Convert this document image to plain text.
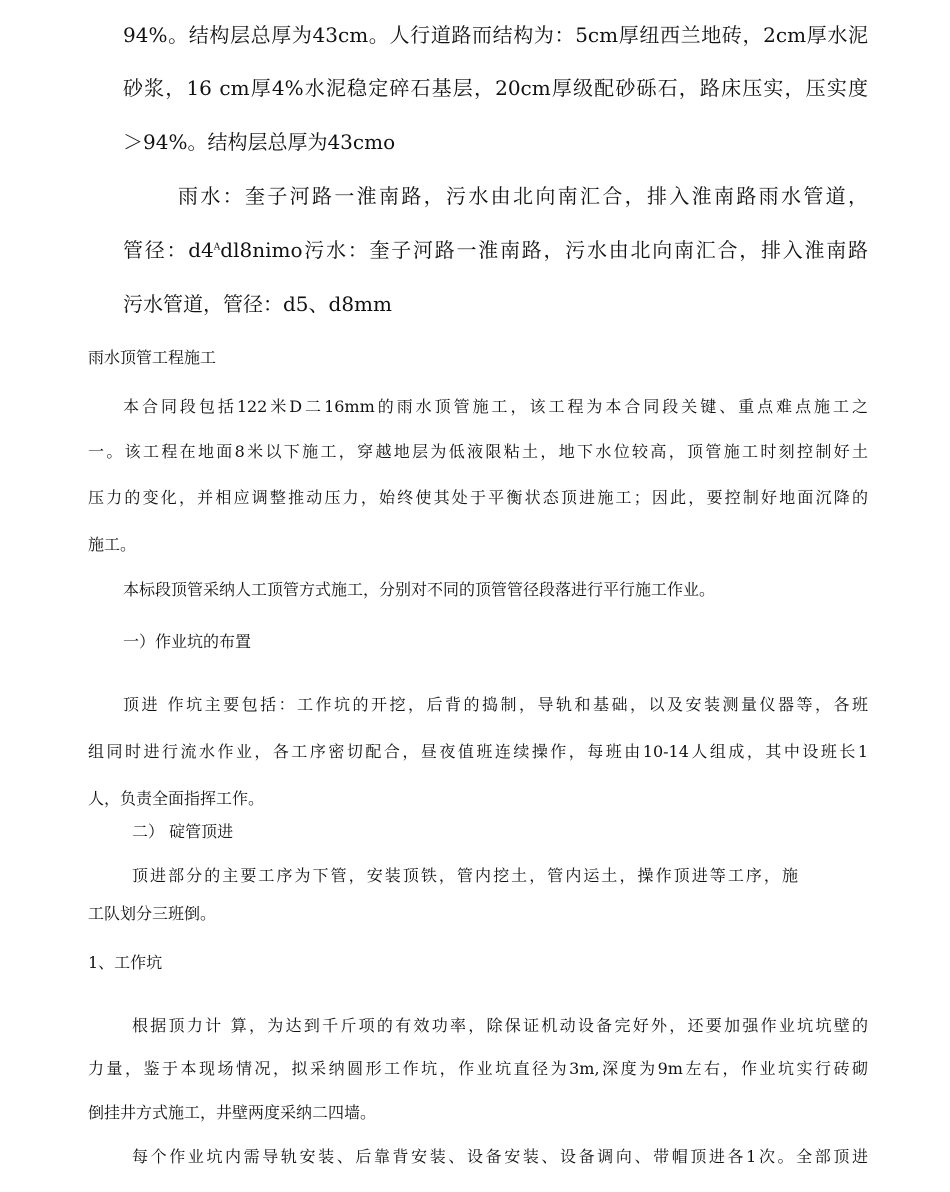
94%。结构层总厚为43cm。人行道路而结构为：5cm厚纽西兰地砖，2cm厚水泥

砂浆，16 cm厚4%水泥稳定碎石基层，20cm厚级配砂砾石，路床压实，压实度

＞94%。结构层总厚为43cmo

雨水：奎子河路一淮南路，污水由北向南汇合，排入淮南路雨水管道，

管径：$d4^Adl8nimo$污水：奎子河路一淮南路，污水由北向南汇合，排入淮南路

污水管道，管径：d5、d8mm

雨水顶管工程施工

本合同段包括122米D二16mm的雨水顶管施工，该工程为本合同段关键、重点难点施工之

一。该工程在地面8米以下施工，穿越地层为低液限粘土，地下水位较高，顶管施工时刻控制好土

压力的变化，并相应调整推动压力，始终使其处于平衡状态顶进施工；因此，要控制好地面沉降的

施工。

本标段顶管采纳人工顶管方式施工，分别对不同的顶管管径段落进行平行施工作业。

一）作业坑的布置

顶进 作坑主要包括：工作坑的开挖，后背的捣制，导轨和基础，以及安装测量仪器等，各班

组同时进行流水作业，各工序密切配合，昼夜值班连续操作，每班由10-14人组成，其中设班长1

人，负责全面指挥工作。

二） 碇管顶进

顶进部分的主要工序为下管，安装顶铁，管内挖土，管内运土，操作顶进等工序，施

工队划分三班倒。

1、工作坑

根据顶力计 算，为达到千斤项的有效功率，除保证机动设备完好外，还要加强作业坑坑壁的

力量，鉴于本现场情况，拟采纳圆形工作坑，作业坑直径为3m,深度为9m左右，作业坑实行砖砌

倒挂井方式施工，井壁两度采纳二四墙。

每个作业坑内需导轨安装、后靠背安装、设备安装、设备调向、带帽顶进各1次。全部顶进
